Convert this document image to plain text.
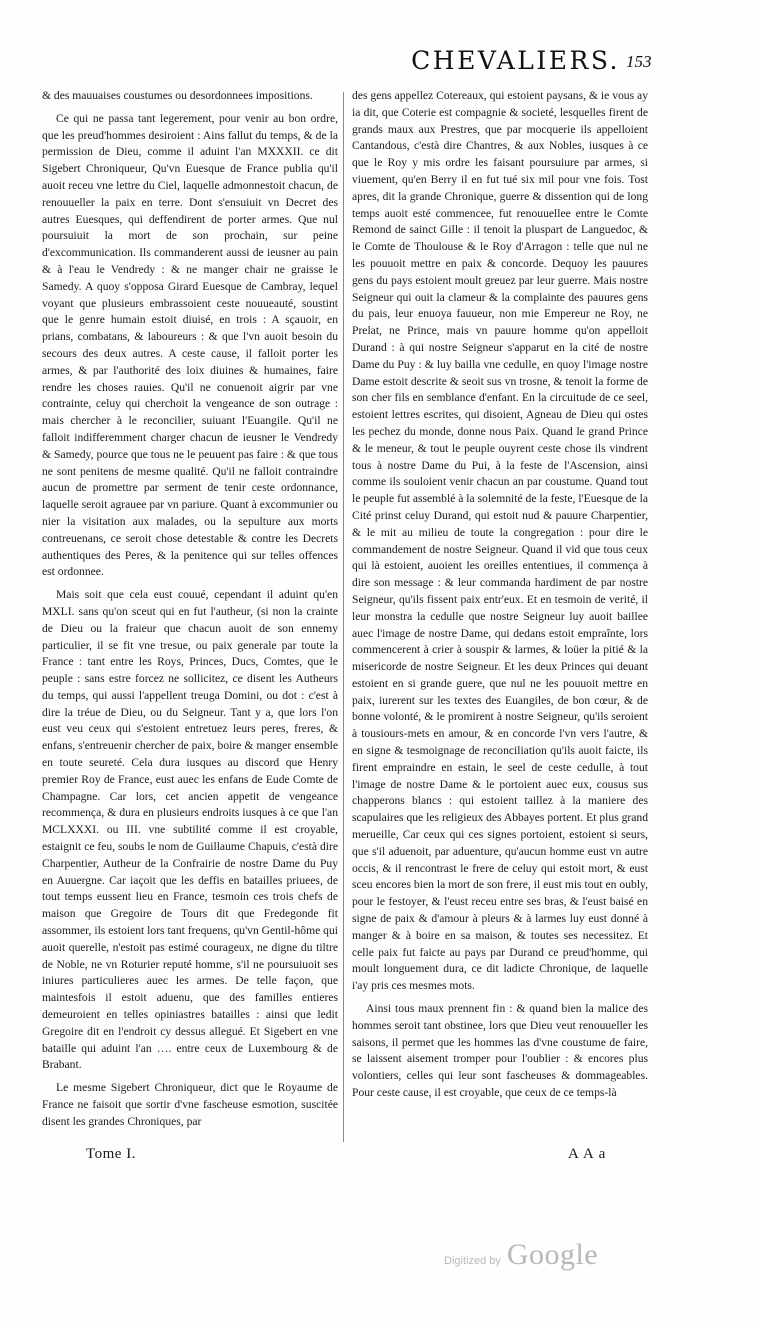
CHEVALIERS. 153

& des mauuaises coustumes ou desordonnees impositions.

Ce qui ne passa tant legerement, pour venir au bon ordre, que les preud'hommes desiroient : Ains fallut du temps, & de la permission de Dieu, comme il aduint l'an MXXXII. ce dit Sigebert Chroniqueur, Qu'vn Euesque de France publia qu'il auoit receu vne lettre du Ciel, laquelle admonnestoit chacun, de renouueller la paix en terre. Dont s'ensuiuit vn Decret des autres Euesques, qui deffendirent de porter armes. Que nul poursuiuit la mort de son prochain, sur peine d'excommunication. Ils commanderent aussi de ieusner au pain & à l'eau le Vendredy : & ne manger chair ne graisse le Samedy. A quoy s'opposa Girard Euesque de Cambray, lequel voyant que plusieurs embrassoient ceste nouueauté, soustint que le genre humain estoit diuisé, en trois : A sçauoir, en prians, combatans, & laboureurs : & que l'vn auoit besoin du secours des deux autres. A ceste cause, il falloit porter les armes, & par l'authorité des loix diuines & humaines, faire rendre les choses rauies. Qu'il ne conuenoit aigrir par vne contrainte, celuy qui cherchoit la vengeance de son outrage : mais chercher à le reconcilier, suiuant l'Euangile. Qu'il ne falloit indifferemment charger chacun de ieusner le Vendredy & Samedy, pource que tous ne le peuuent pas faire : & que tous ne sont penitens de mesme qualité. Qu'il ne falloit contraindre aucun de promettre par serment de tenir ceste ordonnance, laquelle seroit agrauee par vn pariure. Quant à excommunier ou nier la visitation aux malades, ou la sepulture aux morts contreuenans, ce seroit chose detestable & contre les Decrets authentiques des Peres, & la penitence qui sur telles offences est ordonnee.

Mais soit que cela eust couué, cependant il aduint qu'en MXLI. sans qu'on sceut qui en fut l'autheur, (si non la crainte de Dieu ou la fraieur que chacun auoit de son ennemy particulier, il se fit vne tresue, ou paix generale par toute la France : tant entre les Roys, Princes, Ducs, Comtes, que le peuple : sans estre forcez ne sollicitez, ce disent les Autheurs du temps, qui aussi l'appellent treuga Domini, ou dot : c'est à dire la tréue de Dieu, ou du Seigneur. Tant y a, que lors l'on eust veu ceux qui s'estoient entretuez leurs peres, freres, & enfans, s'entreuenir chercher de paix, boire & manger ensemble en toute seureté. Cela dura iusques au discord que Henry premier Roy de France, eust auec les enfans de Eude Comte de Champagne. Car lors, cet ancien appetit de vengeance recommença, & dura en plusieurs endroits iusques à ce que l'an MCLXXXI. ou III. vne subtilité comme il est croyable, estaignit ce feu, soubs le nom de Guillaume Chapuis, c'està dire Charpentier, Autheur de la Confrairie de nostre Dame du Puy en Auuergne. Car iaçoit que les deffis en batailles priuees, de tout temps eussent lieu en France, tesmoin ces trois chefs de maison que Gregoire de Tours dit que Fredegonde fit assommer, ils estoient lors tant frequens, qu'vn Gentil-hôme qui auoit querelle, n'estoit pas estimé courageux, ne digne du tiltre de Noble, ne vn Roturier reputé homme, s'il ne poursuiuoit ses iniures particulieres auec les armes. De telle façon, que maintesfois il estoit aduenu, que des familles entieres demeuroient en telles opiniastres batailles : ainsi que ledit Gregoire dit en l'endroit cy dessus allegué. Et Sigebert en vne bataille qui aduint l'an …. entre ceux de Luxembourg & de Brabant.

Le mesme Sigebert Chroniqueur, dict que le Royaume de France ne faisoit que sortir d'vne fascheuse esmotion, suscitée disent les grandes Chroniques, par

des gens appellez Cotereaux, qui estoient paysans, & ie vous ay ia dit, que Coterie est compagnie & societé, lesquelles firent de grands maux aux Prestres, que par mocquerie ils appelloient Cantandous, c'està dire Chantres, & aux Nobles, iusques à ce que le Roy y mis ordre les faisant poursuiure par armes, si viuement, qu'en Berry il en fut tué six mil pour vne fois. Tost apres, dit la grande Chronique, guerre & dissention qui de long temps auoit esté commencee, fut renouuellee entre le Comte Remond de sainct Gille : il tenoit la pluspart de Languedoc, & le Comte de Thoulouse & le Roy d'Arragon : telle que nul ne les pouuoit mettre en paix & concorde. Dequoy les pauures gens du pays estoient moult greuez par leur guerre. Mais nostre Seigneur qui ouit la clameur & la complainte des pauures gens du pais, leur enuoya fauueur, non mie Empereur ne Roy, ne Prelat, ne Prince, mais vn pauure homme qu'on appelloit Durand : à qui nostre Seigneur s'apparut en la cité de nostre Dame du Puy : & luy bailla vne cedulle, en quoy l'image nostre Dame estoit descrite & seoit sus vn trosne, & tenoit la forme de son cher fils en semblance d'enfant. En la circuitude de ce seel, estoient lettres escrites, qui disoient, Agneau de Dieu qui ostes les pechez du monde, donne nous Paix. Quand le grand Prince & le meneur, & tout le peuple ouyrent ceste chose ils vindrent tous à nostre Dame du Pui, à la feste de l'Ascension, ainsi comme ils souloient venir chacun an par coustume. Quand tout le peuple fut assemblé à la solemnité de la feste, l'Euesque de la Cité prinst celuy Durand, qui estoit nud & pauure Charpentier, & le mit au milieu de toute la congregation : pour dire le commandement de nostre Seigneur. Quand il vid que tous ceux qui là estoient, auoient les oreilles ententiues, il commença à dire son message : & leur commanda hardiment de par nostre Seigneur, qu'ils fissent paix entr'eux. Et en tesmoin de verité, il leur monstra la cedulle que nostre Seigneur luy auoit baillee auec l'image de nostre Dame, qui dedans estoit empraînte, lors commencerent à crier à souspir & larmes, & loüer la pitié & la misericorde de nostre Seigneur. Et les deux Princes qui deuant estoient en si grande guere, que nul ne les pouuoit mettre en paix, iurerent sur les textes des Euangiles, de bon cœur, & de bonne volonté, & le promirent à nostre Seigneur, qu'ils seroient à tousiours-mets en amour, & en concorde l'vn vers l'autre, & en signe & tesmoignage de reconciliation qu'ils auoit faicte, ils firent empraindre en estain, le seel de ceste cedulle, à tout l'image de nostre Dame & le portoient auec eux, cousus sus chapperons blancs : qui estoient taillez à la maniere des scapulaires que les religieux des Abbayes portent. Et plus grand merueille, Car ceux qui ces signes portoient, estoient si seurs, que s'il aduenoit, par aduenture, qu'aucun homme eust vn autre occis, & il rencontrast le frere de celuy qui estoit mort, & eust sceu encores bien la mort de son frere, il eust mis tout en oubly, pour le festoyer, & l'eust receu entre ses bras, & l'eust baisé en signe de paix & d'amour à pleurs & à larmes luy eust donné à manger & à boire en sa maison, & toutes ses necessitez. Et celle paix fut faicte au pays par Durand ce preud'homme, qui moult longuement dura, ce dit ladicte Chronique, de laquelle i'ay pris ces mesmes mots.

Ainsi tous maux prennent fin : & quand bien la malice des hommes seroit tant obstinee, lors que Dieu veut renouueller les saisons, il permet que les hommes las d'vne coustume de faire, se laissent aisement tromper pour l'oublier : & encores plus volontiers, celles qui leur sont fascheuses & dommageables. Pour ceste cause, il est croyable, que ceux de ce temps-là

Tome I.	A A a
Digitized by Google
